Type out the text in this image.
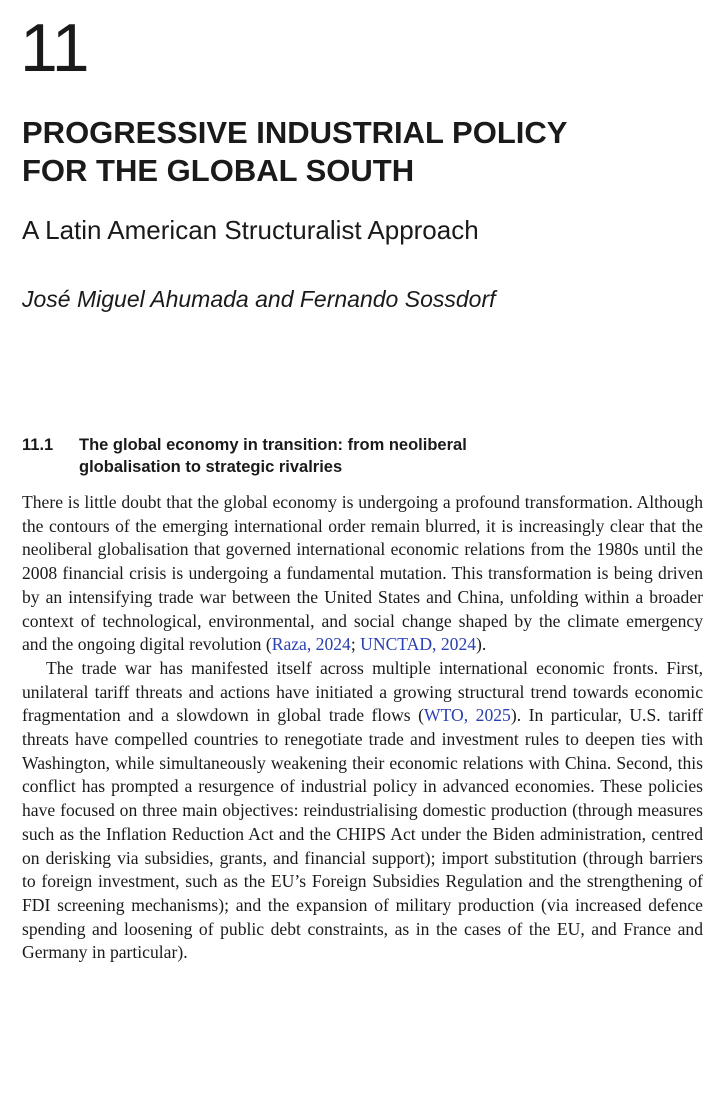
11
PROGRESSIVE INDUSTRIAL POLICY
FOR THE GLOBAL SOUTH
A Latin American Structuralist Approach
José Miguel Ahumada and Fernando Sossdorf
11.1	The global economy in transition: from neoliberal
globalisation to strategic rivalries

There is little doubt that the global economy is undergoing a profound transformation. Although the contours of the emerging international order remain blurred, it is increasingly clear that the neoliberal globalisation that governed international economic relations from the 1980s until the 2008 financial crisis is undergoing a fundamental mutation. This transformation is being driven by an intensifying trade war between the United States and China, unfolding within a broader context of technological, environmental, and social change shaped by the climate emergency and the ongoing digital revolution (Raza, 2024; UNCTAD, 2024).

The trade war has manifested itself across multiple international economic fronts. First, unilateral tariff threats and actions have initiated a growing structural trend towards economic fragmentation and a slowdown in global trade flows (WTO, 2025). In particular, U.S. tariff threats have compelled countries to renegotiate trade and investment rules to deepen ties with Washington, while simultaneously weakening their economic relations with China. Second, this conflict has prompted a resurgence of industrial policy in advanced economies. These policies have focused on three main objectives: reindustrialising domestic production (through measures such as the Inflation Reduction Act and the CHIPS Act under the Biden administration, centred on derisking via subsidies, grants, and financial support); import substitution (through barriers to foreign investment, such as the EU’s Foreign Subsidies Regulation and the strengthening of FDI screening mechanisms); and the expansion of military production (via increased defence spending and loosening of public debt constraints, as in the cases of the EU, and France and Germany in particular).
